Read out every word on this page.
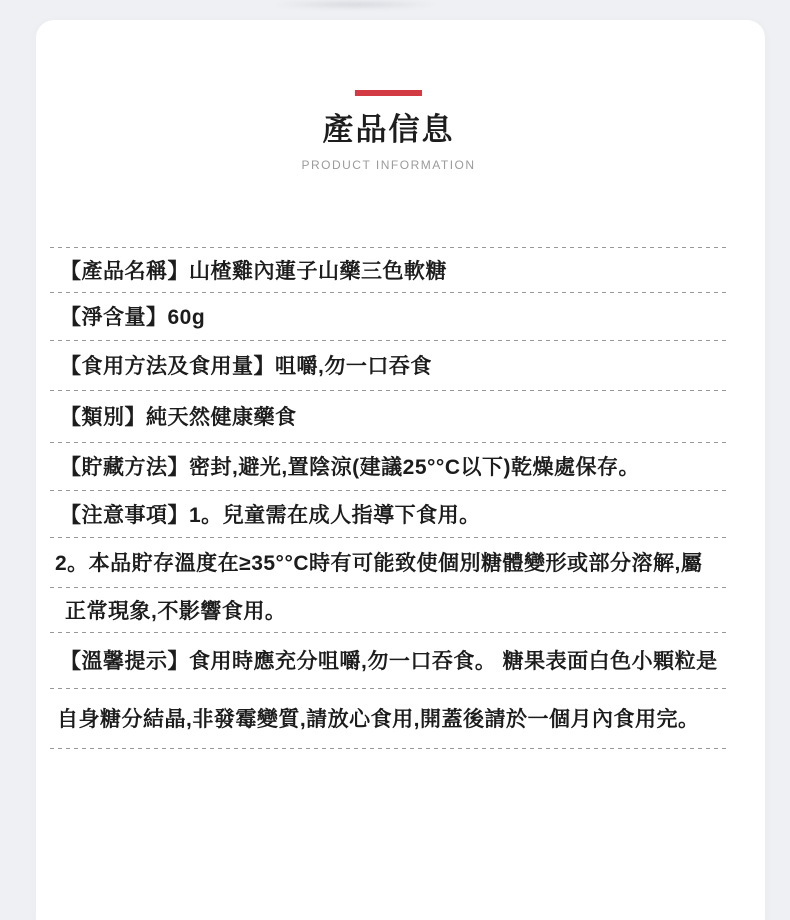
產品信息
PRODUCT INFORMATION
【產品名稱】山楂雞內蓮子山藥三色軟糖
【淨含量】60g
【食用方法及食用量】咀嚼,勿一口吞食
【類別】純天然健康藥食
【貯藏方法】密封,避光,置陰涼(建議25°°C以下)乾燥處保存。
【注意事項】1。兒童需在成人指導下食用。
2。本品貯存溫度在≥35°°C時有可能致使個別糖體變形或部分溶解,屬
正常現象,不影響食用。
【溫馨提示】食用時應充分咀嚼,勿一口吞食。 糖果表面白色小顆粒是
自身糖分結晶,非發霉變質,請放心食用,開蓋後請於一個月內食用完。
